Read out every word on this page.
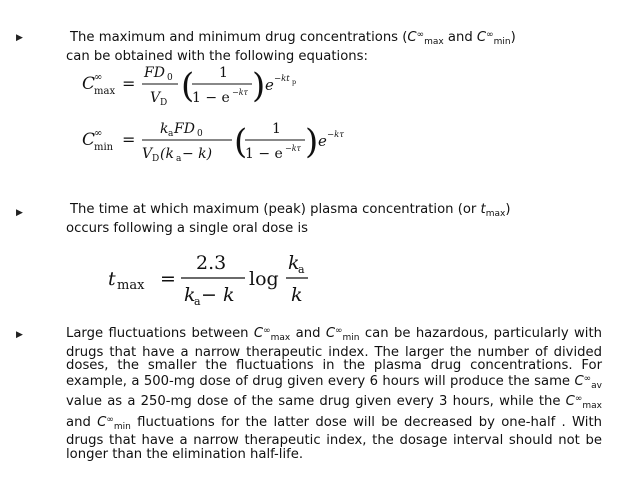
▶	The maximum and minimum drug concentrations ($C^\infty_{max}$ and $C^\infty_{min}$)
can be obtained with the following equations:
C
∞
max =
FD 0
V D ( 1
1 − e −kτ ) e −kt p
C
∞
min =
k a FD 0
V D (k a − k) ( 1
1 − e −kτ ) e −kτ
▶	The time at which maximum (peak) plasma concentration (or $t_{max}$)
occurs following a single oral dose is
t max =
2.3
k
a − k
log
k
a
k
▶	Large fluctuations between $C^\infty_{max}$ and $C^\infty_{min}$ can be hazardous, particularly with drugs that have a narrow therapeutic index. The larger the number of divided doses, the smaller the fluctuations in the plasma drug concentrations. For example, a 500-mg dose of drug given every 6 hours will produce the same $C^\infty_{av}$ value as a 250-mg dose of the same drug given every 3 hours, while the $C^\infty_{max}$ and $C^\infty_{min}$ fluctuations for the latter dose will be decreased by one-half . With drugs that have a narrow therapeutic index, the dosage interval should not be longer than the elimination half-life.
